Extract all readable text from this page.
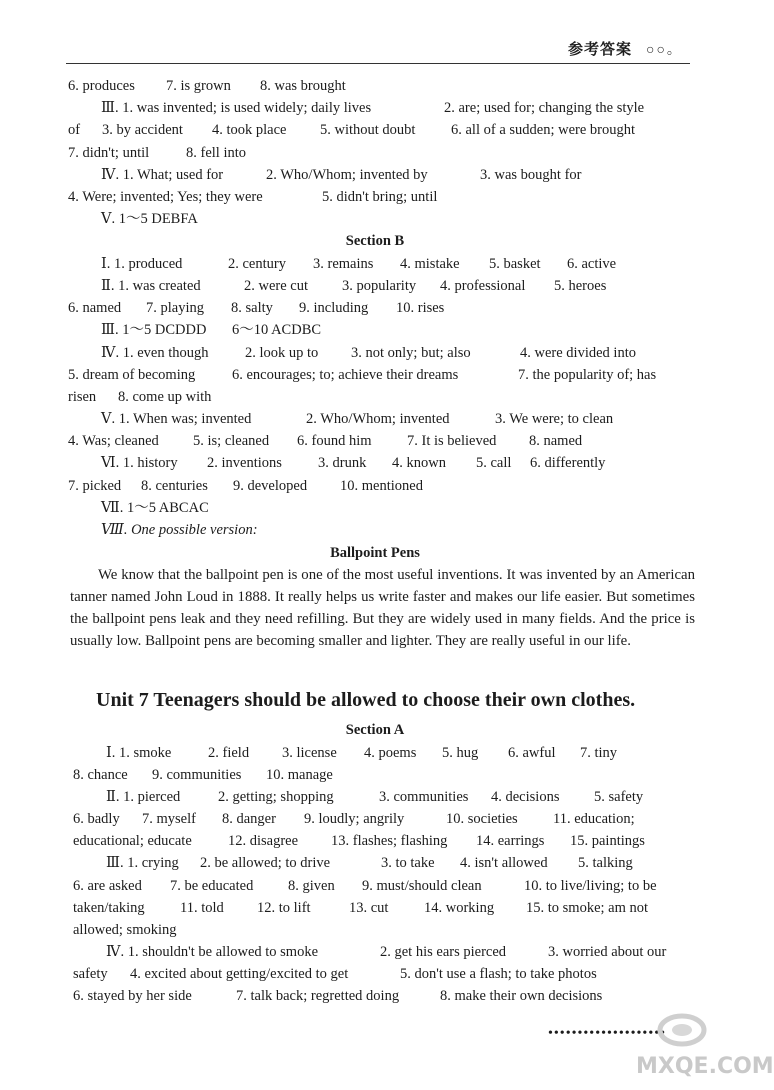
参考答案 ○○。
6. produces 7. is grown 8. was brought
Ⅲ. 1. was invented; is used widely; daily lives	2. are; used for; changing the style
of 3. by accident 4. took place 5. without doubt 6. all of a sudden; were brought
7. didn't; until	8. fell into
Ⅳ. 1. What; used for	2. Who/Whom; invented by	3. was bought for
4. Were; invented; Yes; they were	5. didn't bring; until
Ⅴ. 1～5 DEBFA
Section B
Ⅰ. 1. produced	2. century 3. remains 4. mistake 5. basket 6. active
Ⅱ. 1. was created	2. were cut 3. popularity 4. professional 5. heroes
6. named 7. playing 8. salty 9. including 10. rises
Ⅲ. 1～5 DCDDD 6～10 ACDBC
Ⅳ. 1. even though	2. look up to 3. not only; but; also	4. were divided into
5. dream of becoming	6. encourages; to; achieve their dreams	7. the popularity of; has
risen 8. come up with
Ⅴ. 1. When was; invented	2. Who/Whom; invented	3. We were; to clean
4. Was; cleaned 5. is; cleaned 6. found him 7. It is believed 8. named
Ⅵ. 1. history 2. inventions 3. drunk 4. known 5. call 6. differently
7. picked 8. centuries 9. developed 10. mentioned
Ⅶ. 1～5 ABCAC
Ⅷ. One possible version:
Ballpoint Pens

We know that the ballpoint pen is one of the most useful inventions. It was invented by an American tanner named John Loud in 1888. It really helps us write faster and makes our life easier. But sometimes the ballpoint pens leak and they need refilling. But they are widely used in many fields. And the price is usually low. Ballpoint pens are becoming smaller and lighter. They are really useful in our life.

Unit 7 Teenagers should be allowed to choose their own clothes.
Section A
Ⅰ. 1. smoke	2. field 3. license 4. poems 5. hug 6. awful 7. tiny
8. chance 9. communities 10. manage
Ⅱ. 1. pierced	2. getting; shopping	3. communities 4. decisions 5. safety
6. badly 7. myself 8. danger 9. loudly; angrily	10. societies 11. education;
educational; educate 12. disagree 13. flashes; flashing 14. earrings 15. paintings
Ⅲ. 1. crying 2. be allowed; to drive	3. to take 4. isn't allowed 5. talking
6. are asked 7. be educated 8. given 9. must/should clean	10. to live/living; to be
taken/taking 11. told 12. to lift	13. cut 14. working 15. to smoke; am not
allowed; smoking
Ⅳ. 1. shouldn't be allowed to smoke	2. get his ears pierced	3. worried about our
safety 4. excited about getting/excited to get	5. don't use a flash; to take photos
6. stayed by her side	7. talk back; regretted doing	8. make their own decisions
••••••••••••••••••••
MXQE.COM
